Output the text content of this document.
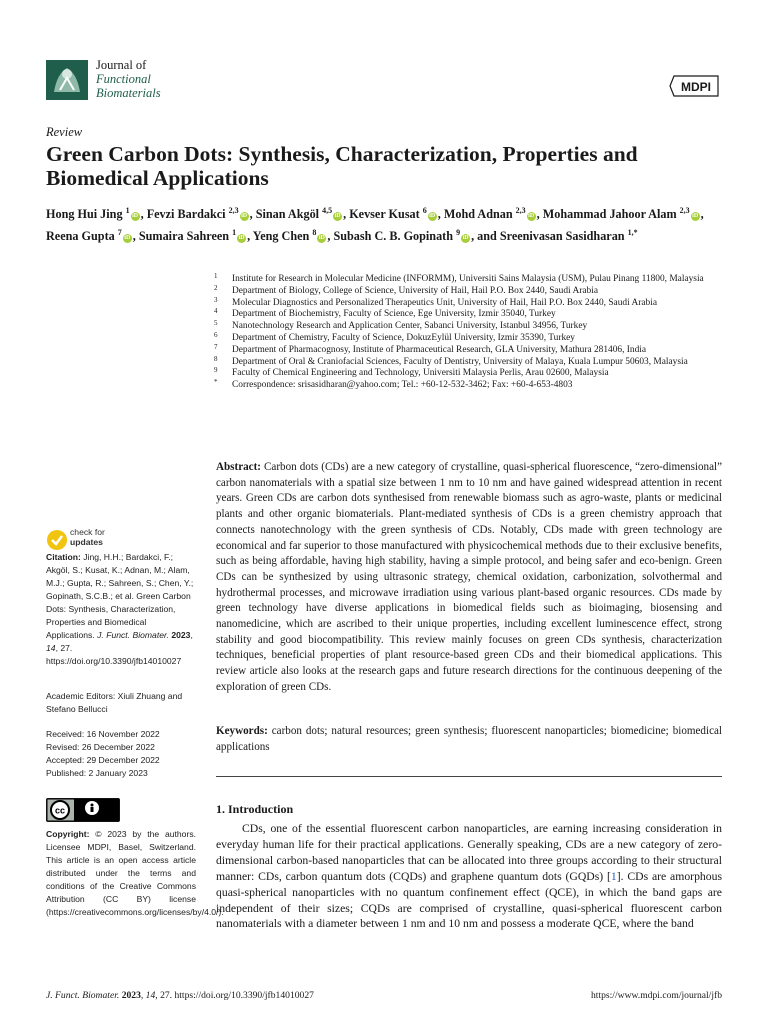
Journal of
Functional
Biomaterials	MDPI
Review
Green Carbon Dots: Synthesis, Characterization, Properties and Biomedical Applications
Hong Hui Jing $^1$iD , Fevzi Bardakci $^{2,3}$iD , Sinan Akgöl $^{4,5}$iD , Kevser Kusat $^6$iD , Mohd Adnan $^{2,3}$iD , Mohammad Jahoor Alam $^{2,3}$iD , Reena Gupta $^7$iD , Sumaira Sahreen $^1$iD , Yeng Chen $^8$iD , Subash C. B. Gopinath $^9$iD , and Sreenivasan Sasidharan $^{1,*}$
1 Institute for Research in Molecular Medicine (INFORMM), Universiti Sains Malaysia (USM), Pulau Pinang 11800, Malaysia
2 Department of Biology, College of Science, University of Hail, Hail P.O. Box 2440, Saudi Arabia
3 Molecular Diagnostics and Personalized Therapeutics Unit, University of Hail, Hail P.O. Box 2440, Saudi Arabia
4 Department of Biochemistry, Faculty of Science, Ege University, Izmir 35040, Turkey
5 Nanotechnology Research and Application Center, Sabanci University, Istanbul 34956, Turkey
6 Department of Chemistry, Faculty of Science, DokuzEylül University, Izmir 35390, Turkey
7 Department of Pharmacognosy, Institute of Pharmaceutical Research, GLA University, Mathura 281406, India
8 Department of Oral & Craniofacial Sciences, Faculty of Dentistry, University of Malaya, Kuala Lumpur 50603, Malaysia
9 Faculty of Chemical Engineering and Technology, Universiti Malaysia Perlis, Arau 02600, Malaysia
* Correspondence: srisasidharan@yahoo.com; Tel.: +60-12-532-3462; Fax: +60-4-653-4803
check for
updates
Citation: Jing, H.H.; Bardakci, F.; Akgöl, S.; Kusat, K.; Adnan, M.; Alam, M.J.; Gupta, R.; Sahreen, S.; Chen, Y.; Gopinath, S.C.B.; et al. Green Carbon Dots: Synthesis, Characterization, Properties and Biomedical Applications. J. Funct. Biomater. 2023, 14, 27. https://doi.org/10.3390/jfb14010027
Academic Editors: Xiuli Zhuang and Stefano Bellucci
Received: 16 November 2022
Revised: 26 December 2022
Accepted: 29 December 2022
Published: 2 January 2023
cc
Copyright: © 2023 by the authors. Licensee MDPI, Basel, Switzerland. This article is an open access article distributed under the terms and conditions of the Creative Commons Attribution (CC BY) license (https://creativecommons.org/licenses/by/4.0/).
Abstract: Carbon dots (CDs) are a new category of crystalline, quasi-spherical fluorescence, “zero-dimensional” carbon nanomaterials with a spatial size between 1 nm to 10 nm and have gained widespread attention in recent years. Green CDs are carbon dots synthesised from renewable biomass such as agro-waste, plants or medicinal plants and other organic biomaterials. Plant-mediated synthesis of CDs is a green chemistry approach that connects nanotechnology with the green synthesis of CDs. Notably, CDs made with green technology are economical and far superior to those manufactured with physicochemical methods due to their exclusive benefits, such as being affordable, having high stability, having a simple protocol, and being safer and eco-benign. Green CDs can be synthesized by using ultrasonic strategy, chemical oxidation, carbonization, solvothermal and hydrothermal processes, and microwave irradiation using various plant-based organic resources. CDs made by green technology have diverse applications in biomedical fields such as bioimaging, biosensing and nanomedicine, which are ascribed to their unique properties, including excellent luminescence effect, strong stability and good biocompatibility. This review mainly focuses on green CDs synthesis, characterization techniques, beneficial properties of plant resource-based green CDs and their biomedical applications. This review article also looks at the research gaps and future research directions for the continuous deepening of the exploration of green CDs.
Keywords: carbon dots; natural resources; green synthesis; fluorescent nanoparticles; biomedicine; biomedical applications
1. Introduction

CDs, one of the essential fluorescent carbon nanoparticles, are earning increasing consideration in everyday human life for their practical applications. Generally speaking, CDs are a new category of zero-dimensional carbon-based nanoparticles that can be allocated into three groups according to their structural manner: CDs, carbon quantum dots (CQDs) and graphene quantum dots (GQDs) [1]. CDs are amorphous quasi-spherical nanoparticles with no quantum confinement effect (QCE), in which the band gaps are independent of their sizes; CQDs are comprised of crystalline, quasi-spherical fluorescent carbon nanomaterials with a diameter between 1 nm and 10 nm and possess a moderate QCE, where the band

J. Funct. Biomater. 2023, 14, 27. https://doi.org/10.3390/jfb14010027	https://www.mdpi.com/journal/jfb
